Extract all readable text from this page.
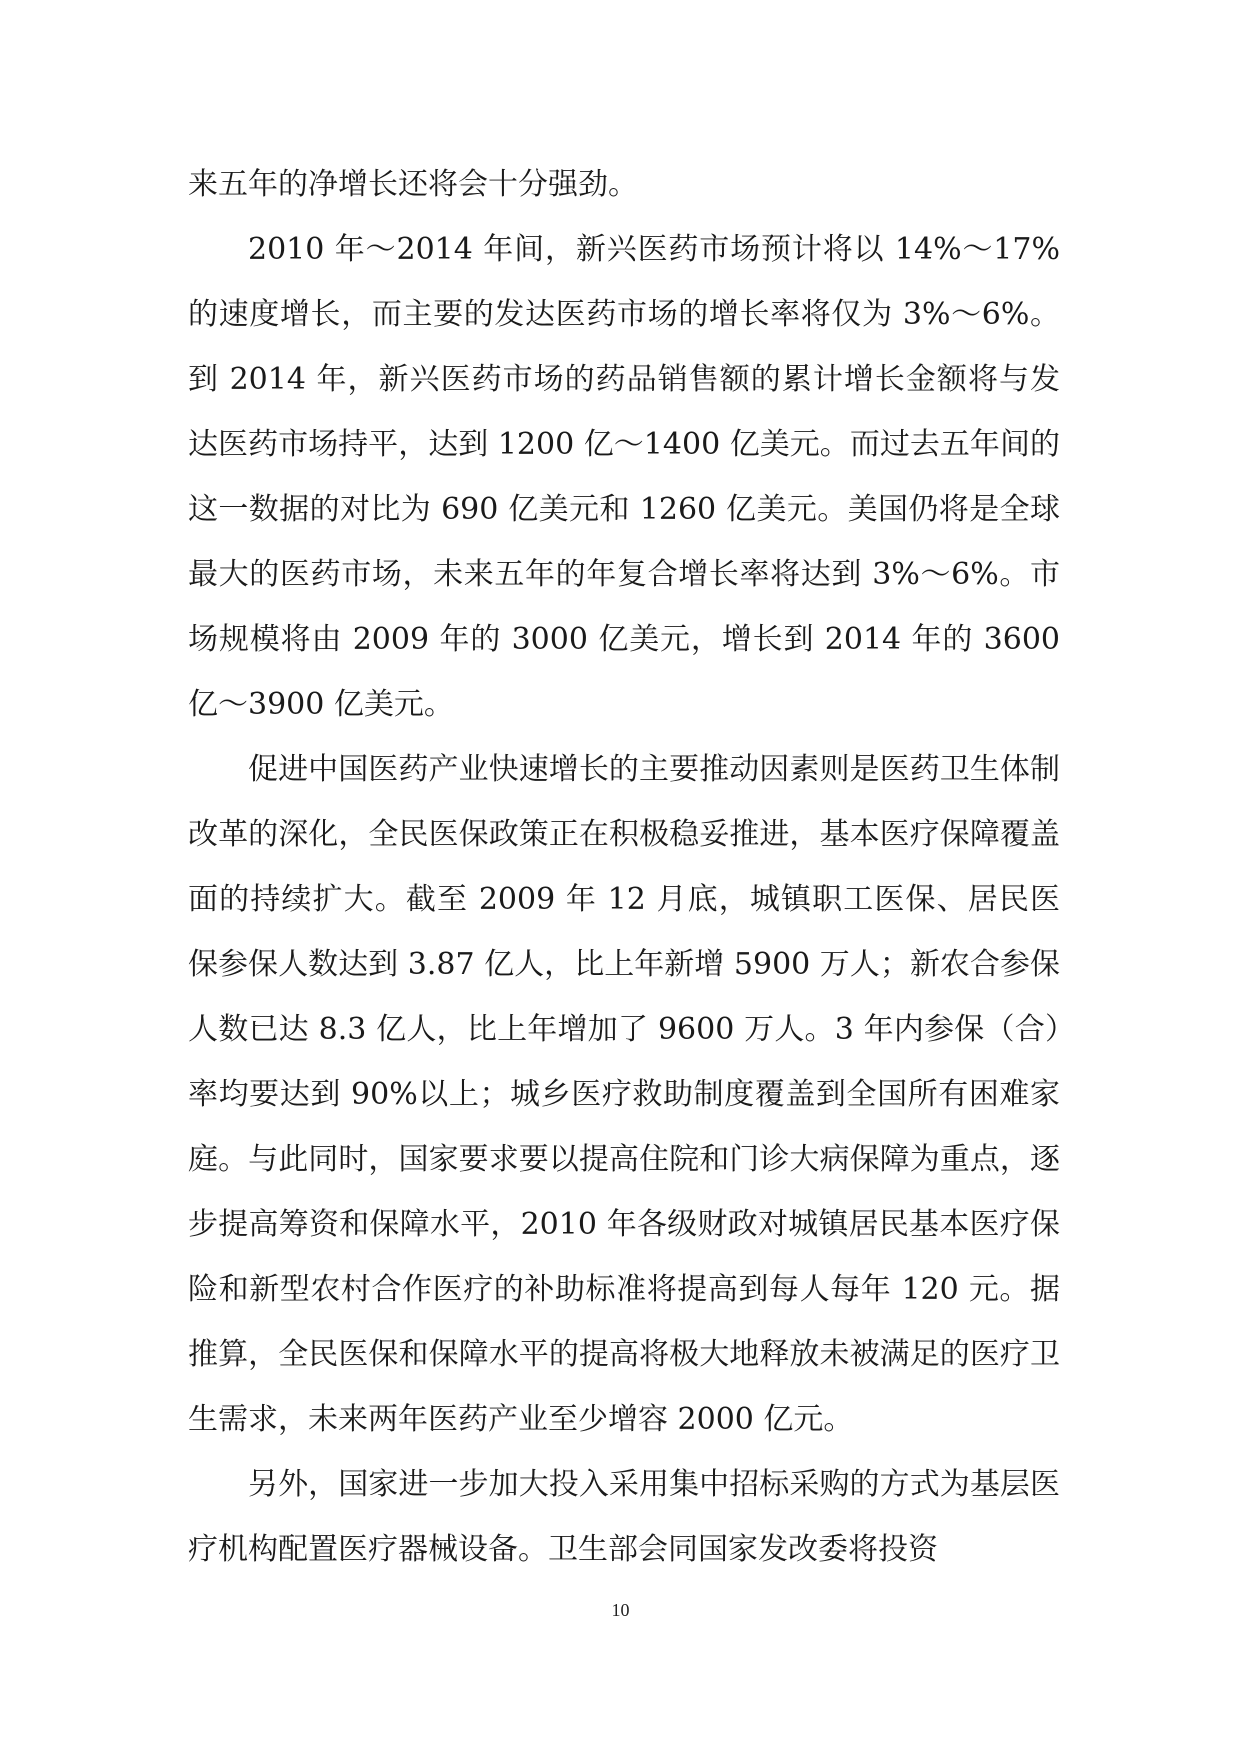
来五年的净增长还将会十分强劲。

2010 年～2014 年间，新兴医药市场预计将以 14%～17%的速度增长，而主要的发达医药市场的增长率将仅为 3%～6%。到 2014 年，新兴医药市场的药品销售额的累计增长金额将与发达医药市场持平，达到 1200 亿～1400 亿美元。而过去五年间的这一数据的对比为 690 亿美元和 1260 亿美元。美国仍将是全球最大的医药市场，未来五年的年复合增长率将达到 3%～6%。市场规模将由 2009 年的 3000 亿美元，增长到 2014 年的 3600 亿～3900 亿美元。

促进中国医药产业快速增长的主要推动因素则是医药卫生体制改革的深化，全民医保政策正在积极稳妥推进，基本医疗保障覆盖面的持续扩大。截至 2009 年 12 月底，城镇职工医保、居民医保参保人数达到 3.87 亿人，比上年新增 5900 万人；新农合参保人数已达 8.3 亿人，比上年增加了 9600 万人。3 年内参保（合）率均要达到 90%以上；城乡医疗救助制度覆盖到全国所有困难家庭。与此同时，国家要求要以提高住院和门诊大病保障为重点，逐步提高筹资和保障水平，2010 年各级财政对城镇居民基本医疗保险和新型农村合作医疗的补助标准将提高到每人每年 120 元。据推算，全民医保和保障水平的提高将极大地释放未被满足的医疗卫生需求，未来两年医药产业至少增容 2000 亿元。

另外，国家进一步加大投入采用集中招标采购的方式为基层医疗机构配置医疗器械设备。卫生部会同国家发改委将投资

10
